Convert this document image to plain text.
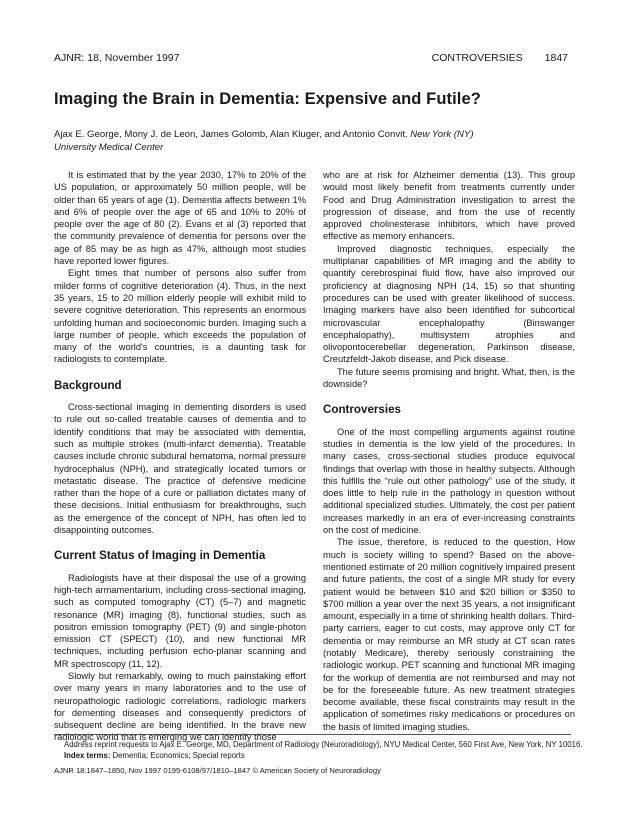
AJNR: 18, November 1997	CONTROVERSIES 1847
Imaging the Brain in Dementia: Expensive and Futile?
Ajax E. George, Mony J. de Leon, James Golomb, Alan Kluger, and Antonio Convit, New York (NY)
University Medical Center

It is estimated that by the year 2030, 17% to 20% of the US population, or approximately 50 million people, will be older than 65 years of age (1). Dementia affects between 1% and 6% of people over the age of 65 and 10% to 20% of people over the age of 80 (2). Evans et al (3) reported that the community prevalence of dementia for persons over the age of 85 may be as high as 47%, although most studies have reported lower figures.

Eight times that number of persons also suffer from milder forms of cognitive deterioration (4). Thus, in the next 35 years, 15 to 20 million elderly people will exhibit mild to severe cognitive deterioration. This represents an enormous unfolding human and socioeconomic burden. Imaging such a large number of people, which exceeds the population of many of the world's countries, is a daunting task for radiologists to contemplate.

Background

Cross-sectional imaging in dementing disorders is used to rule out so-called treatable causes of dementia and to identify conditions that may be associated with dementia, such as multiple strokes (multi-infarct dementia). Treatable causes include chronic subdural hematoma, normal pressure hydrocephalus (NPH), and strategically located tumors or metastatic disease. The practice of defensive medicine rather than the hope of a cure or palliation dictates many of these decisions. Initial enthusiasm for breakthroughs, such as the emergence of the concept of NPH, has often led to disappointing outcomes.

Current Status of Imaging in Dementia

Radiologists have at their disposal the use of a growing high-tech armamentarium, including cross-sectional imaging, such as computed tomography (CT) (5–7) and magnetic resonance (MR) imaging (8), functional studies, such as positron emission tomography (PET) (9) and single-photon emission CT (SPECT) (10), and new functional MR techniques, including perfusion echo-planar scanning and MR spectroscopy (11, 12).

Slowly but remarkably, owing to much painstaking effort over many years in many laboratories and to the use of neuropathologic radiologic correlations, radiologic markers for dementing diseases and consequently predictors of subsequent decline are being identified. In the brave new radiologic world that is emerging we can identify those

who are at risk for Alzheimer dementia (13). This group would most likely benefit from treatments currently under Food and Drug Administration investigation to arrest the progression of disease, and from the use of recently approved cholinesterase inhibitors, which have proved effective as memory enhancers.

Improved diagnostic techniques, especially the multiplanar capabilities of MR imaging and the ability to quantify cerebrospinal fluid flow, have also improved our proficiency at diagnosing NPH (14, 15) so that shunting procedures can be used with greater likelihood of success. Imaging markers have also been identified for subcortical microvascular encephalopathy (Binswanger encephalopathy), multisystem atrophies and olivopontocerebellar degeneration, Parkinson disease, Creutzfeldt-Jakob disease, and Pick disease.

The future seems promising and bright. What, then, is the downside?

Controversies

One of the most compelling arguments against routine studies in dementia is the low yield of the procedures. In many cases, cross-sectional studies produce equivocal findings that overlap with those in healthy subjects. Although this fulfills the “rule out other pathology” use of the study, it does little to help rule in the pathology in question without additional specialized studies. Ultimately, the cost per patient increases markedly in an era of ever-increasing constraints on the cost of medicine.

The issue, therefore, is reduced to the question, How much is society willing to spend? Based on the above-mentioned estimate of 20 million cognitively impaired present and future patients, the cost of a single MR study for every patient would be between $10 and $20 billion or $350 to $700 million a year over the next 35 years, a not insignificant amount, especially in a time of shrinking health dollars. Third-party carriers, eager to cut costs, may approve only CT for dementia or may reimburse an MR study at CT scan rates (notably Medicare), thereby seriously constraining the radiologic workup. PET scanning and functional MR imaging for the workup of dementia are not reimbursed and may not be for the foreseeable future. As new treatment strategies become available, these fiscal constraints may result in the application of sometimes risky medications or procedures on the basis of limited imaging studies.

Address reprint requests to Ajax E. George, MD, Department of Radiology (Neuroradiology), NYU Medical Center, 560 First Ave, New York, NY 10016.
Index terms: Dementia; Economics; Special reports
AJNR 18:1847–1850, Nov 1997 0195-6108/97/1810–1847 © American Society of Neuroradiology
